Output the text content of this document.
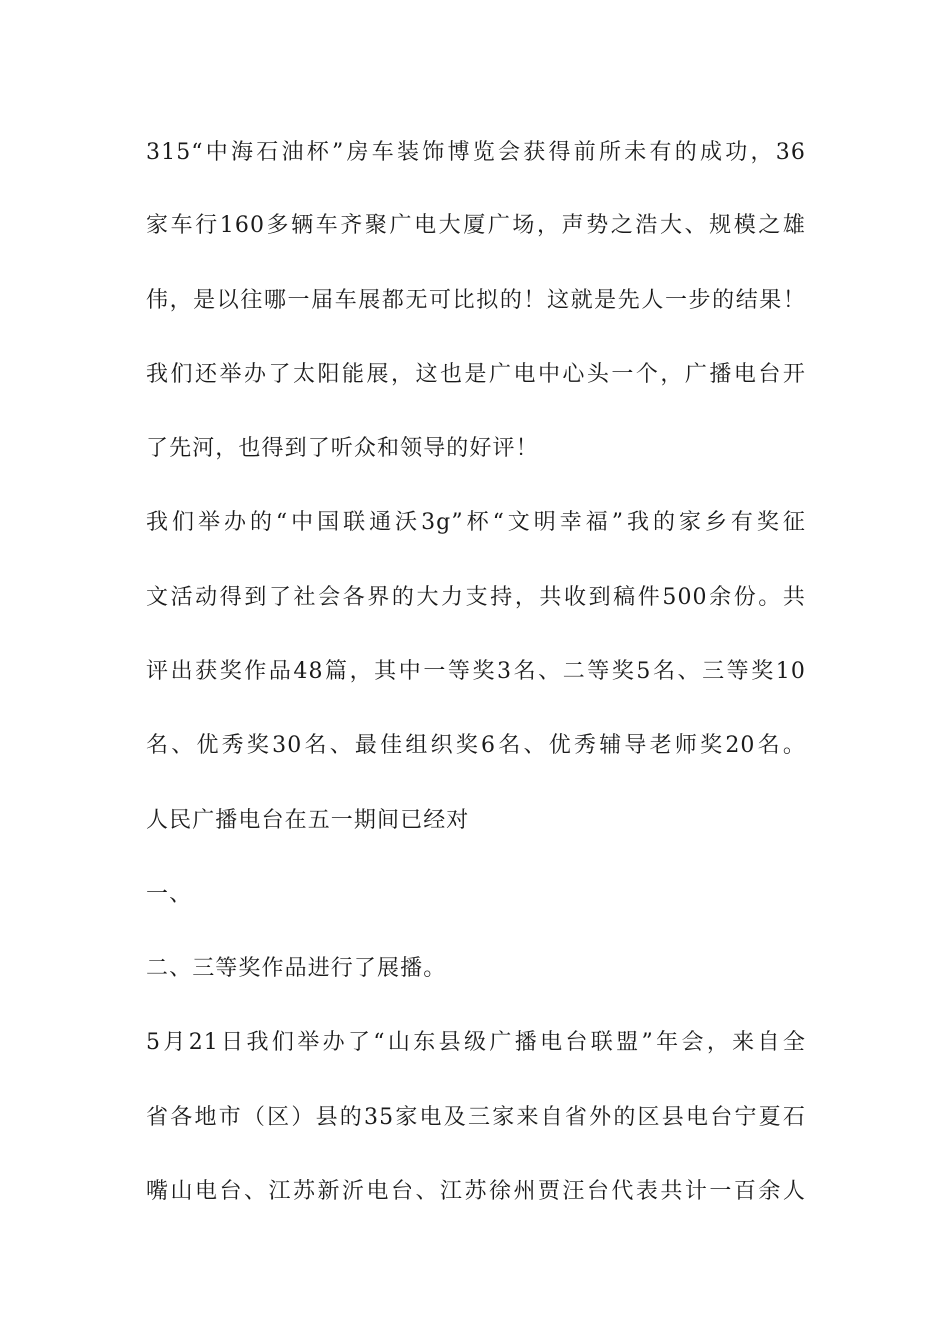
315“中海石油杯”房车装饰博览会获得前所未有的成功，36
家车行160多辆车齐聚广电大厦广场，声势之浩大、规模之雄
伟，是以往哪一届车展都无可比拟的！这就是先人一步的结果！
我们还举办了太阳能展，这也是广电中心头一个，广播电台开
了先河，也得到了听众和领导的好评！
我们举办的“中国联通沃3g”杯“文明幸福”我的家乡有奖征
文活动得到了社会各界的大力支持，共收到稿件500余份。共
评出获奖作品48篇，其中一等奖3名、二等奖5名、三等奖10
名、优秀奖30名、最佳组织奖6名、优秀辅导老师奖20名。
人民广播电台在五一期间已经对
一、
二、三等奖作品进行了展播。
5月21日我们举办了“山东县级广播电台联盟”年会，来自全
省各地市（区）县的35家电及三家来自省外的区县电台宁夏石
嘴山电台、江苏新沂电台、江苏徐州贾汪台代表共计一百余人
